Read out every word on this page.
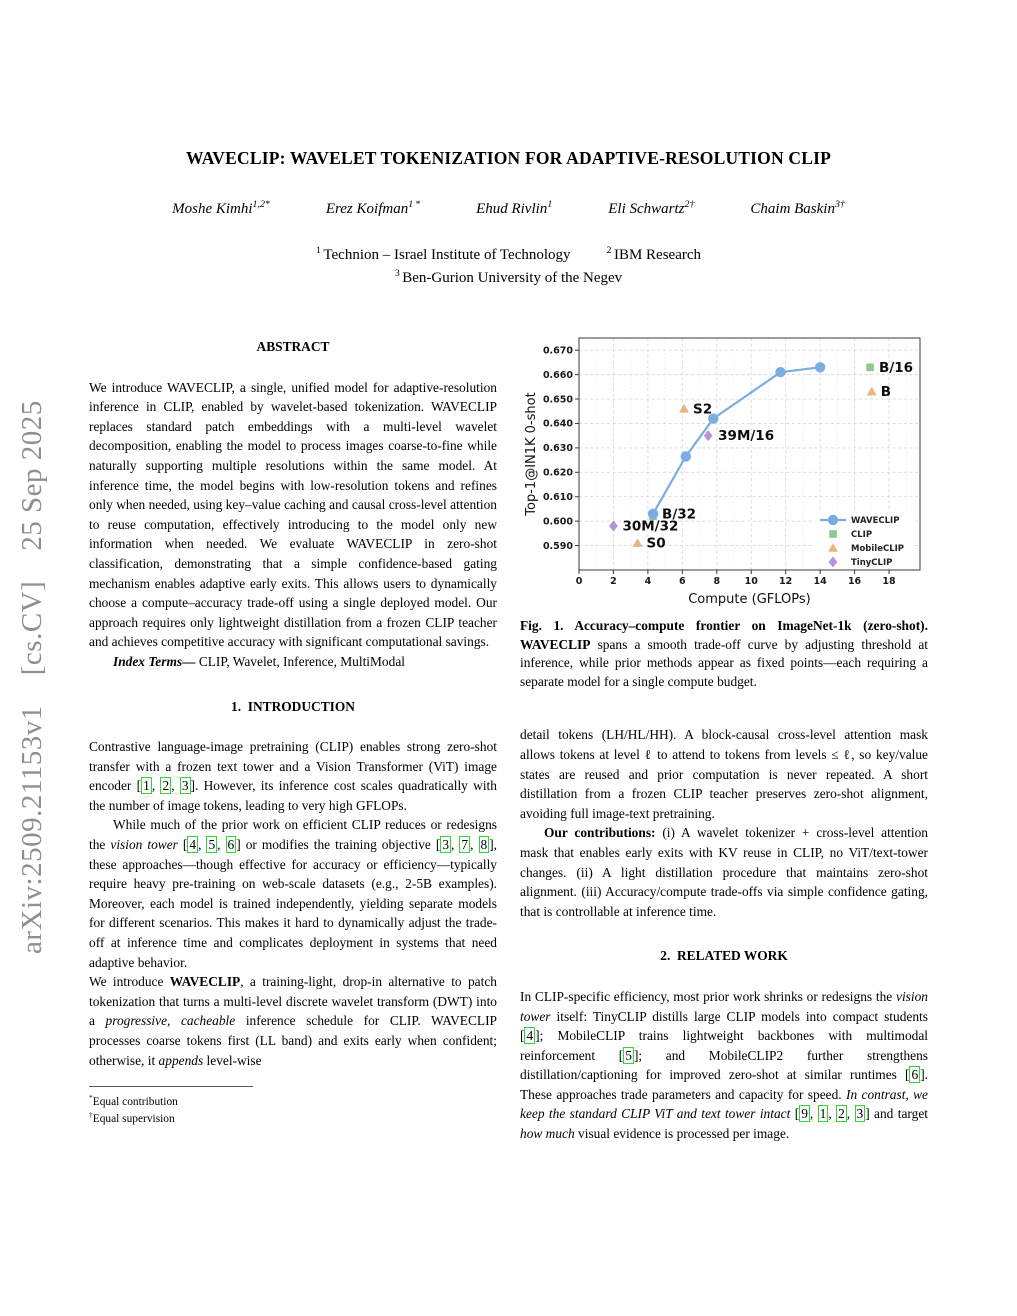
arXiv:2509.21153v1  [cs.CV]  25 Sep 2025
WAVECLIP: WAVELET TOKENIZATION FOR ADAPTIVE-RESOLUTION CLIP
Moshe Kimhi$^{1,2*}$	Erez Koifman$^{1 *}$	Ehud Rivlin$^1$	Eli Schwartz$^{2\dagger}$	Chaim Baskin$^{3\dagger}$
$^1$ Technion – Israel Institute of Technology	$^2$ IBM Research
$^3$ Ben-Gurion University of the Negev
ABSTRACT

We introduce WAVECLIP, a single, unified model for adaptive-resolution inference in CLIP, enabled by wavelet-based tokenization. WAVECLIP replaces standard patch embeddings with a multi-level wavelet decomposition, enabling the model to process images coarse-to-fine while naturally supporting multiple resolutions within the same model. At inference time, the model begins with low-resolution tokens and refines only when needed, using key–value caching and causal cross-level attention to reuse computation, effectively introducing to the model only new information when needed. We evaluate WAVECLIP in zero-shot classification, demonstrating that a simple confidence-based gating mechanism enables adaptive early exits. This allows users to dynamically choose a compute–accuracy trade-off using a single deployed model. Our approach requires only lightweight distillation from a frozen CLIP teacher and achieves competitive accuracy with significant computational savings.

Index Terms— CLIP, Wavelet, Inference, MultiModal

1.  INTRODUCTION

Contrastive language-image pretraining (CLIP) enables strong zero-shot transfer with a frozen text tower and a Vision Transformer (ViT) image encoder [ 1 , 2 , 3 ]. However, its inference cost scales quadratically with the number of image tokens, leading to very high GFLOPs.

While much of the prior work on efficient CLIP reduces or redesigns the vision tower [ 4 , 5 , 6 ] or modifies the training objective [ 3 , 7 , 8 ], these approaches—though effective for accuracy or efficiency—typically require heavy pre-training on web-scale datasets (e.g., 2-5B examples). Moreover, each model is trained independently, yielding separate models for different scenarios. This makes it hard to dynamically adjust the trade-off at inference time and complicates deployment in systems that need adaptive behavior.

We introduce WAVECLIP, a training-light, drop-in alternative to patch tokenization that turns a multi-level discrete wavelet transform (DWT) into a progressive, cacheable inference schedule for CLIP. WAVECLIP processes coarse tokens first (LL band) and exits early when confident; otherwise, it appends level-wise

*Equal contribution
†Equal supervision
0	2	4	6	8	10 12 14 16 18
Compute (GFLOPs)
0.590
0.600
0.610
0.620
0.630
0.640
0.650
0.660
0.670
Top-1@IN1K 0-shot	B/32
30M/32
S0
S2
39M/16
B/16
B
WAVECLIP
CLIP
MobileCLIP
TinyCLIP
Fig. 1. Accuracy–compute frontier on ImageNet-1k (zero-shot). WAVECLIP spans a smooth trade-off curve by adjusting threshold at inference, while prior methods appear as fixed points—each requiring a separate model for a single compute budget.

detail tokens (LH/HL/HH). A block-causal cross-level attention mask allows tokens at level ℓ to attend to tokens from levels ≤ ℓ, so key/value states are reused and prior computation is never repeated. A short distillation from a frozen CLIP teacher preserves zero-shot alignment, avoiding full image-text pretraining.

Our contributions: (i) A wavelet tokenizer + cross-level attention mask that enables early exits with KV reuse in CLIP, no ViT/text-tower changes. (ii) A light distillation procedure that maintains zero-shot alignment. (iii) Accuracy/compute trade-offs via simple confidence gating, that is controllable at inference time.

2.  RELATED WORK

In CLIP-specific efficiency, most prior work shrinks or redesigns the vision tower itself: TinyCLIP distills large CLIP models into compact students [ 4 ]; MobileCLIP trains lightweight backbones with multimodal reinforcement [ 5 ]; and MobileCLIP2 further strengthens distillation/captioning for improved zero-shot at similar runtimes [ 6 ]. These approaches trade parameters and capacity for speed. In contrast, we keep the standard CLIP ViT and text tower intact [ 9 , 1 , 2 , 3 ] and target how much visual evidence is processed per image.
